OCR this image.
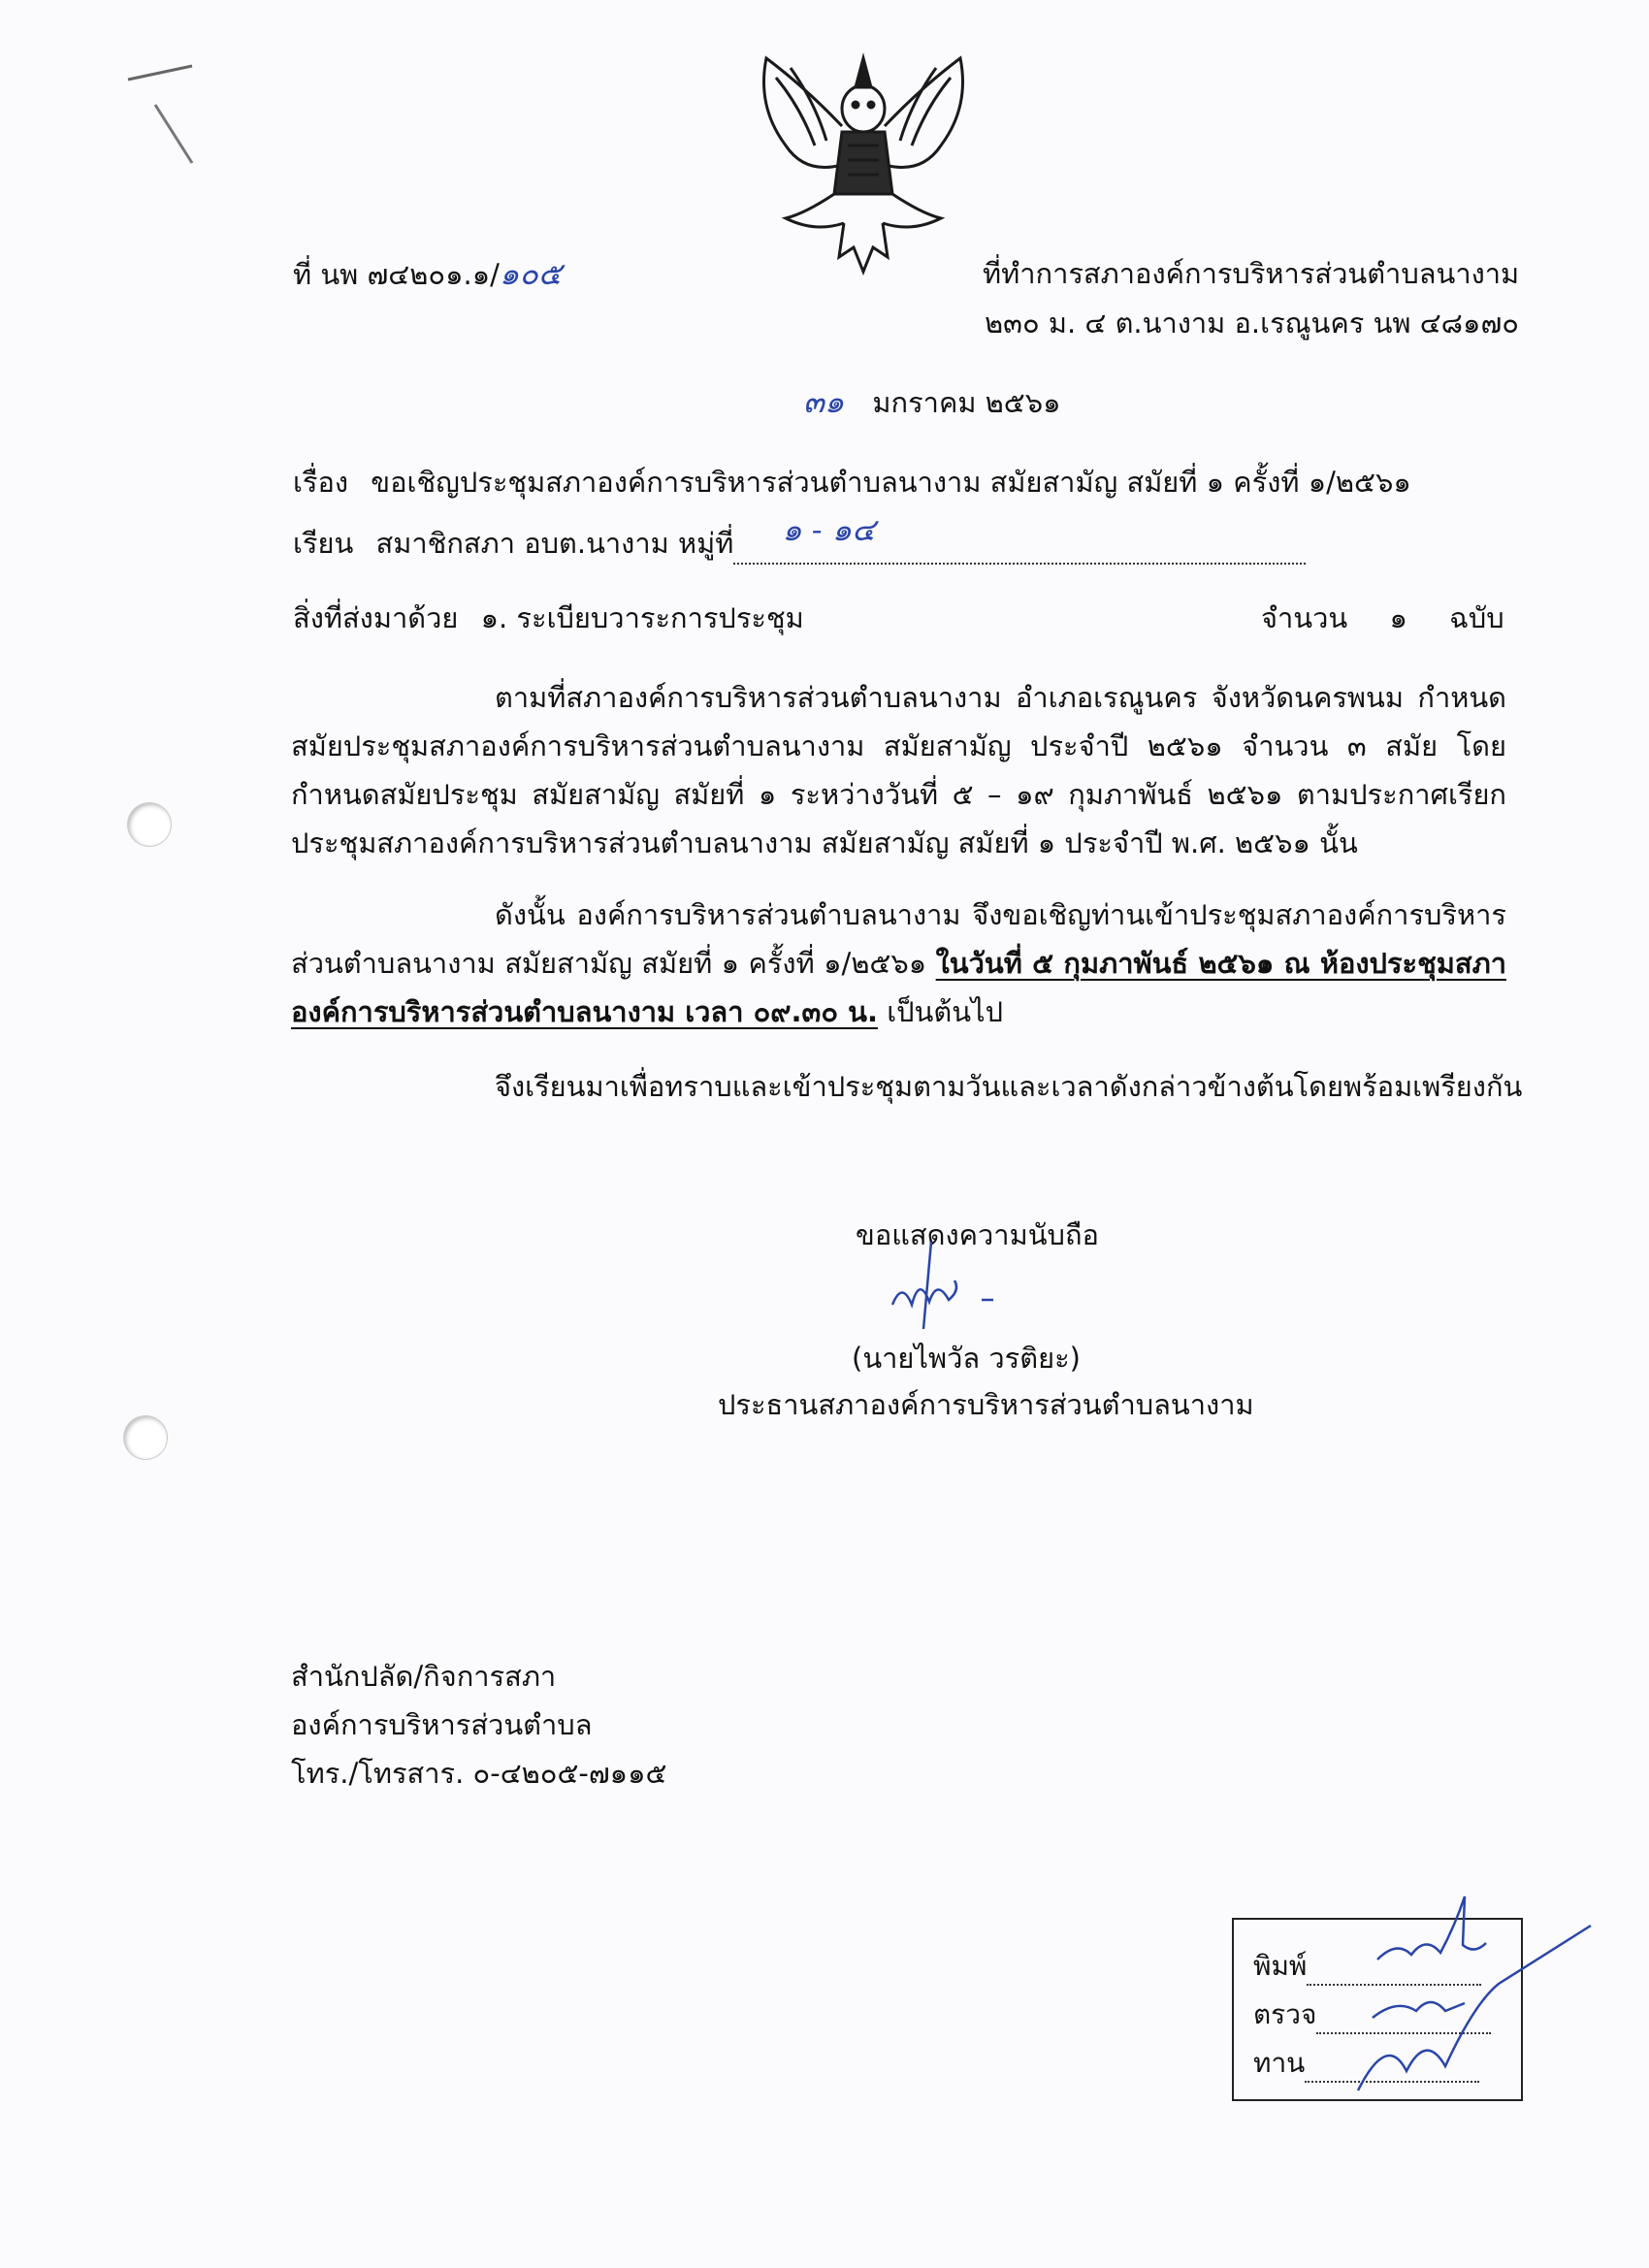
ที่ นพ ๗๔๒๐๑.๑/๑๐๕	ที่ทำการสภาองค์การบริหารส่วนตำบลนางาม
๒๓๐ ม. ๔ ต.นางาม อ.เรณูนคร นพ ๔๘๑๗๐
๓๑ มกราคม ๒๕๖๑
เรื่อง ขอเชิญประชุมสภาองค์การบริหารส่วนตำบลนางาม สมัยสามัญ สมัยที่ ๑ ครั้งที่ ๑/๒๕๖๑
เรียน สมาชิกสภา อบต.นางาม หมู่ที่ ๑ - ๑๔

สิ่งที่ส่งมาด้วย ๑. ระเบียบวาระการประชุม	จำนวน ๑ ฉบับ
ตามที่สภาองค์การบริหารส่วนตำบลนางาม อำเภอเรณูนคร จังหวัดนครพนม กำหนดสมัยประชุมสภาองค์การบริหารส่วนตำบลนางาม สมัยสามัญ ประจำปี ๒๕๖๑ จำนวน ๓ สมัย โดยกำหนดสมัยประชุม สมัยสามัญ สมัยที่ ๑ ระหว่างวันที่ ๕ – ๑๙ กุมภาพันธ์ ๒๕๖๑ ตามประกาศเรียกประชุมสภาองค์การบริหารส่วนตำบลนางาม สมัยสามัญ สมัยที่ ๑ ประจำปี พ.ศ. ๒๕๖๑ นั้น
ดังนั้น องค์การบริหารส่วนตำบลนางาม จึงขอเชิญท่านเข้าประชุมสภาองค์การบริหารส่วนตำบลนางาม สมัยสามัญ สมัยที่ ๑ ครั้งที่ ๑/๒๕๖๑ ในวันที่ ๕ กุมภาพันธ์ ๒๕๖๑ ณ ห้องประชุมสภาองค์การบริหารส่วนตำบลนางาม เวลา ๐๙.๓๐ น. เป็นต้นไป
จึงเรียนมาเพื่อทราบและเข้าประชุมตามวันและเวลาดังกล่าวข้างต้นโดยพร้อมเพรียงกัน
ขอแสดงความนับถือ
(นายไพวัล วรติยะ)
ประธานสภาองค์การบริหารส่วนตำบลนางาม
สำนักปลัด/กิจการสภา
องค์การบริหารส่วนตำบล
โทร./โทรสาร. ๐-๔๒๐๕-๗๑๑๕
พิมพ์
ตรวจ
ทาน
